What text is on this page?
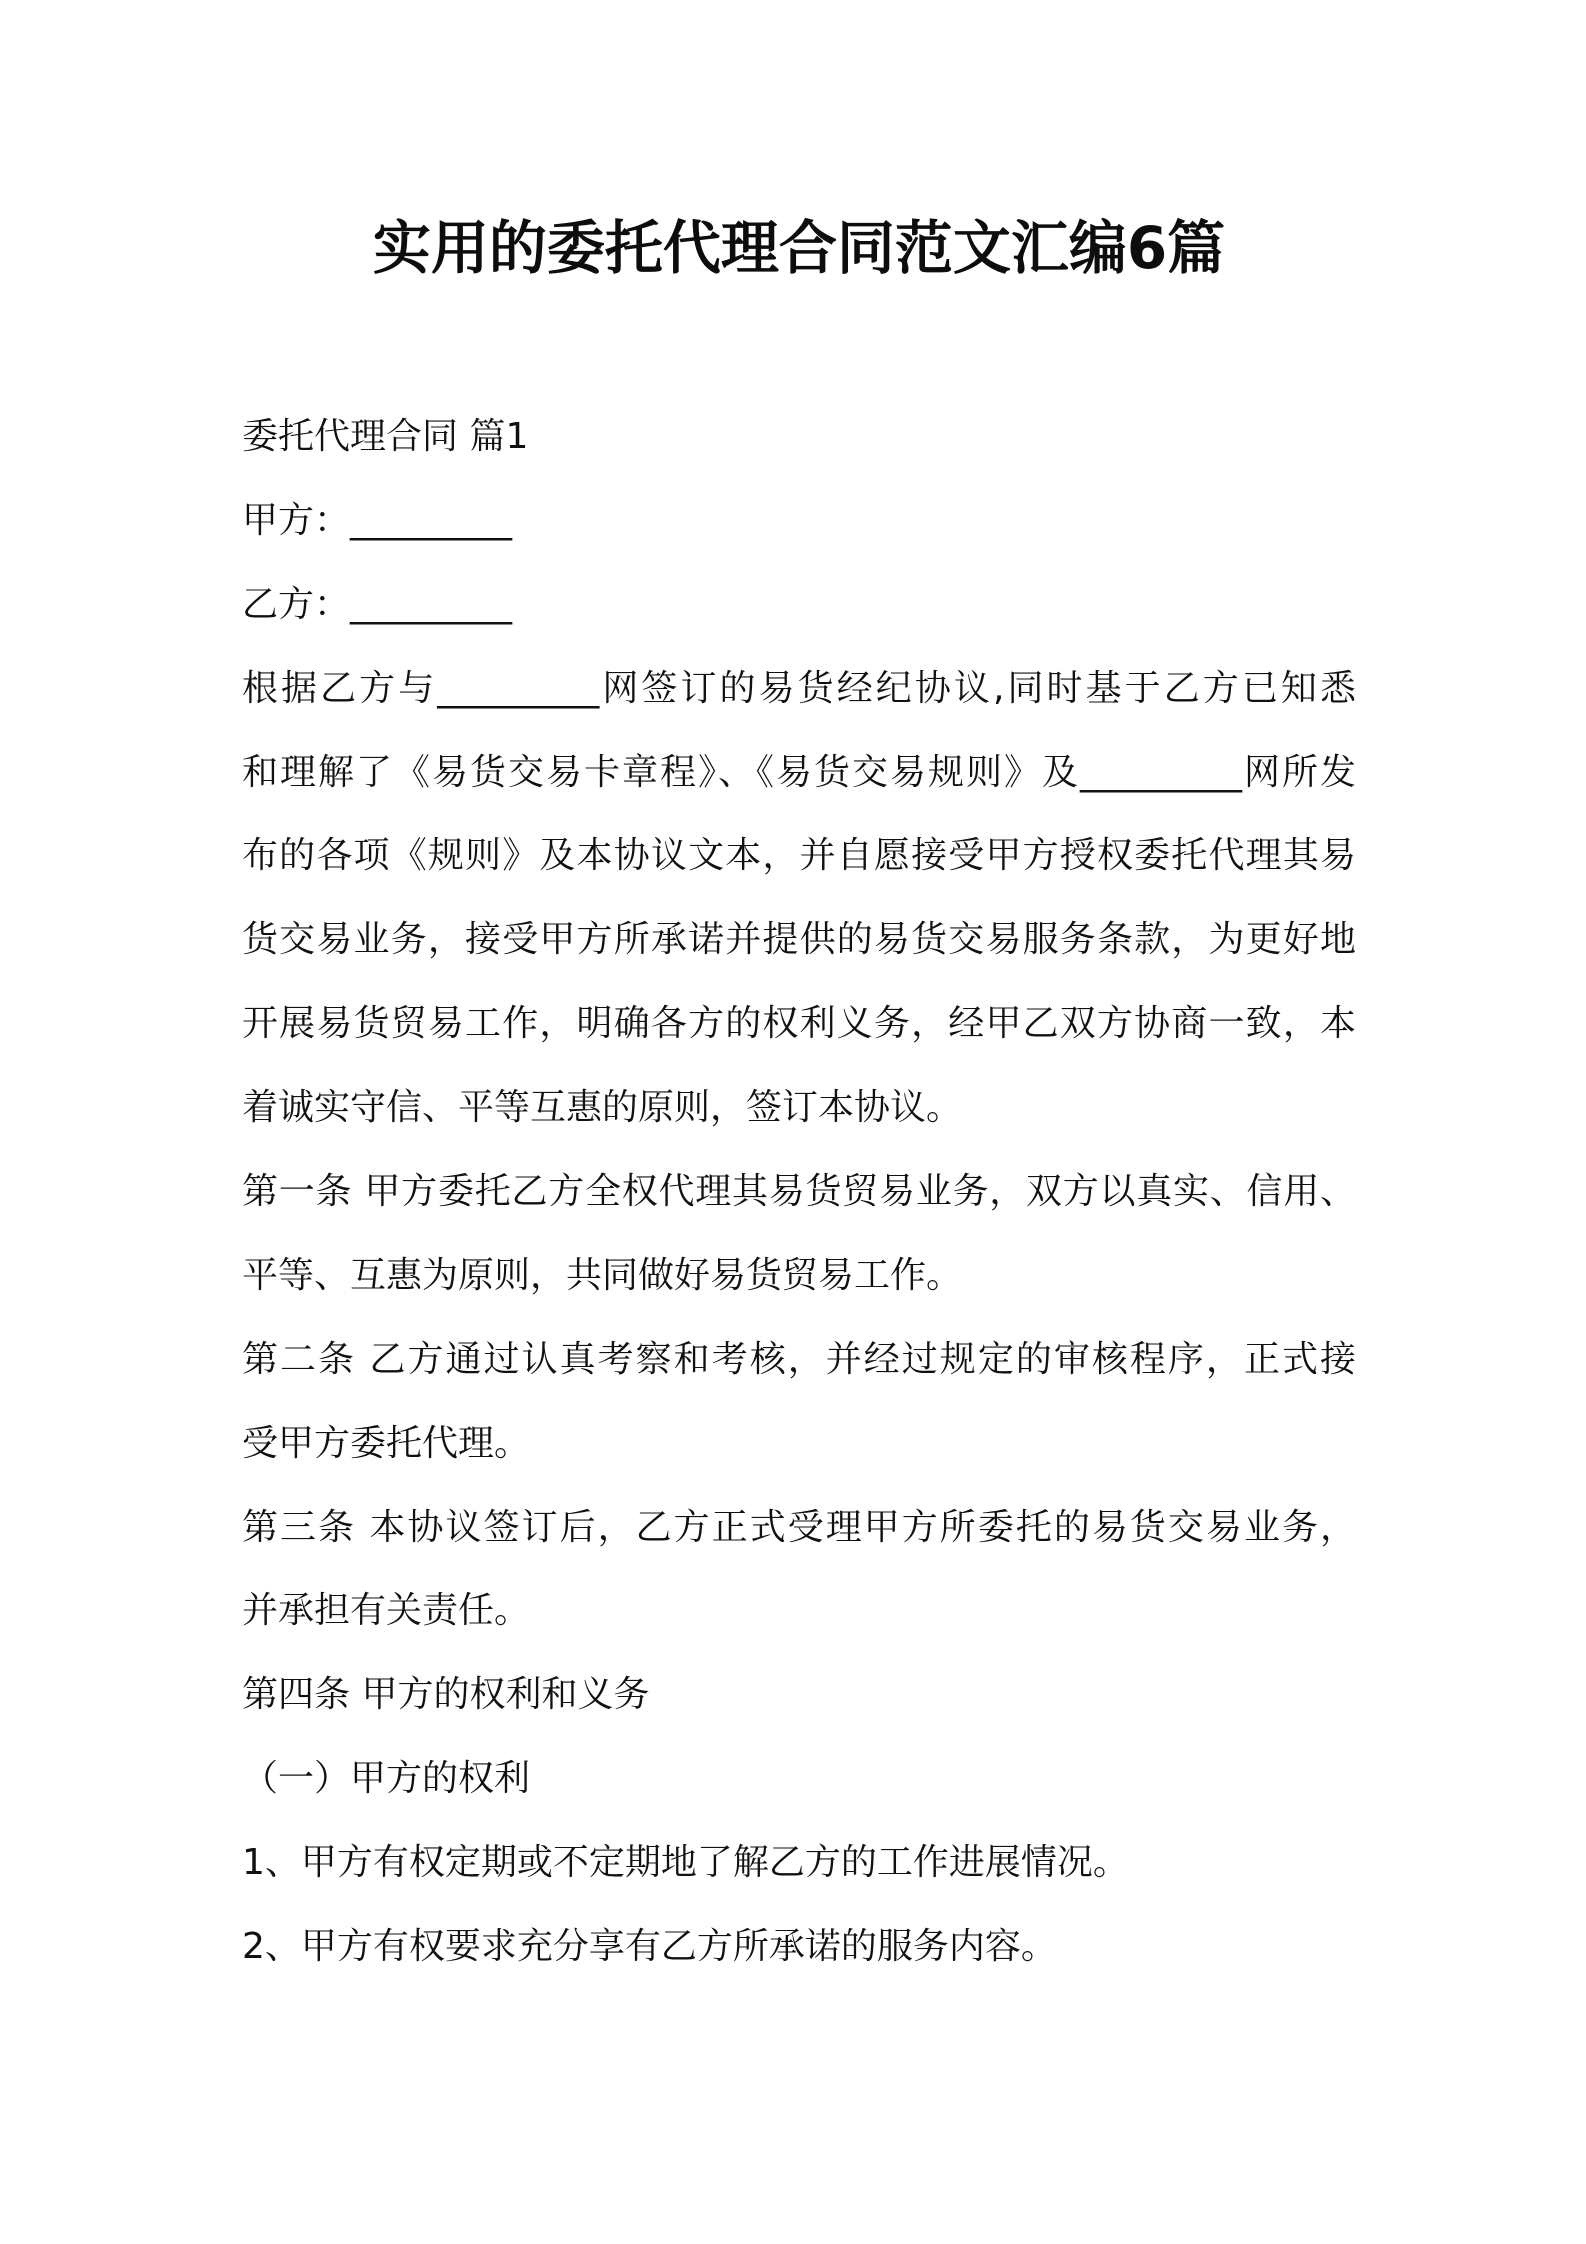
实用的委托代理合同范文汇编6篇
委托代理合同 篇1
甲方：_________
乙方：_________
根据乙方与_________网签订的易货经纪协议,同时基于乙方已知悉
和理解了《易货交易卡章程》、《易货交易规则》及_________网所发
布的各项《规则》及本协议文本，并自愿接受甲方授权委托代理其易
货交易业务，接受甲方所承诺并提供的易货交易服务条款，为更好地
开展易货贸易工作，明确各方的权利义务，经甲乙双方协商一致，本
着诚实守信、平等互惠的原则，签订本协议。
第一条 甲方委托乙方全权代理其易货贸易业务，双方以真实、信用、
平等、互惠为原则，共同做好易货贸易工作。
第二条 乙方通过认真考察和考核，并经过规定的审核程序，正式接
受甲方委托代理。
第三条 本协议签订后，乙方正式受理甲方所委托的易货交易业务，
并承担有关责任。
第四条 甲方的权利和义务
（一）甲方的权利
1、甲方有权定期或不定期地了解乙方的工作进展情况。
2、甲方有权要求充分享有乙方所承诺的服务内容。
